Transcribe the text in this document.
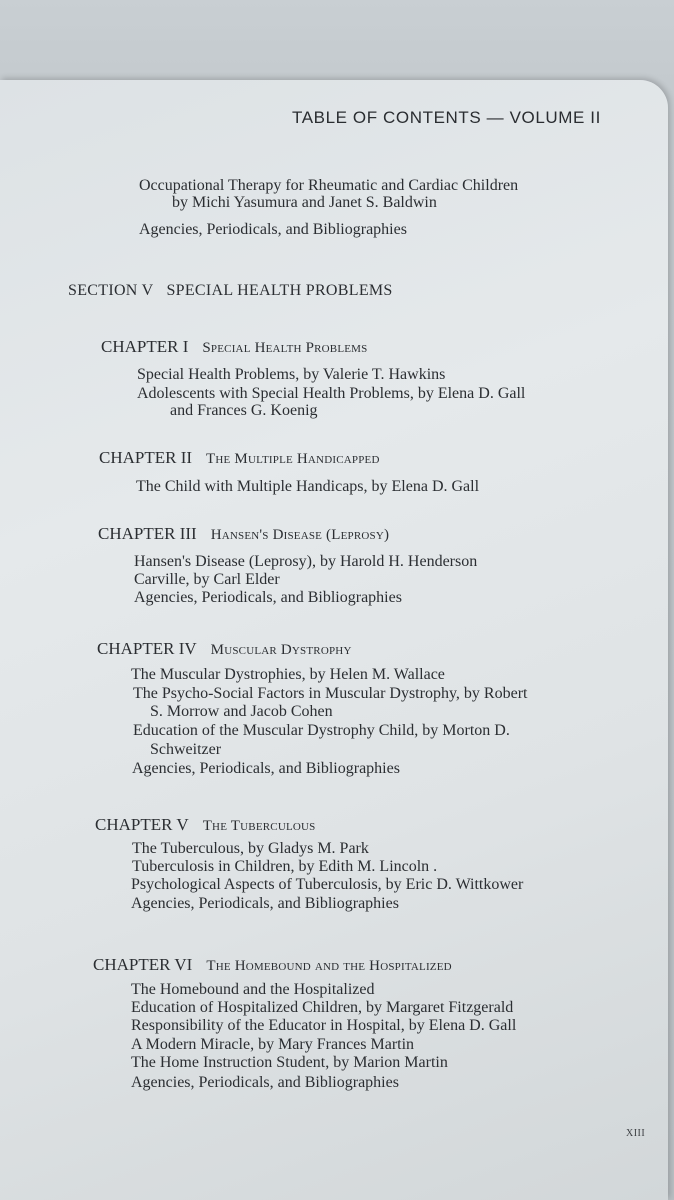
TABLE OF CONTENTS — VOLUME II
Occupational Therapy for Rheumatic and Cardiac Children
by Michi Yasumura and Janet S. Baldwin
Agencies, Periodicals, and Bibliographies
SECTION V SPECIAL HEALTH PROBLEMS
CHAPTER I Special Health Problems
Special Health Problems, by Valerie T. Hawkins
Adolescents with Special Health Problems, by Elena D. Gall
and Frances G. Koenig
CHAPTER II The Multiple Handicapped
The Child with Multiple Handicaps, by Elena D. Gall
CHAPTER III Hansen's Disease (Leprosy)
Hansen's Disease (Leprosy), by Harold H. Henderson
Carville, by Carl Elder
Agencies, Periodicals, and Bibliographies
CHAPTER IV Muscular Dystrophy
The Muscular Dystrophies, by Helen M. Wallace
The Psycho-Social Factors in Muscular Dystrophy, by Robert
S. Morrow and Jacob Cohen
Education of the Muscular Dystrophy Child, by Morton D.
Schweitzer
Agencies, Periodicals, and Bibliographies
CHAPTER V The Tuberculous
The Tuberculous, by Gladys M. Park
Tuberculosis in Children, by Edith M. Lincoln .
Psychological Aspects of Tuberculosis, by Eric D. Wittkower
Agencies, Periodicals, and Bibliographies
CHAPTER VI The Homebound and the Hospitalized
The Homebound and the Hospitalized
Education of Hospitalized Children, by Margaret Fitzgerald
Responsibility of the Educator in Hospital, by Elena D. Gall
A Modern Miracle, by Mary Frances Martin
The Home Instruction Student, by Marion Martin
Agencies, Periodicals, and Bibliographies
XIII
